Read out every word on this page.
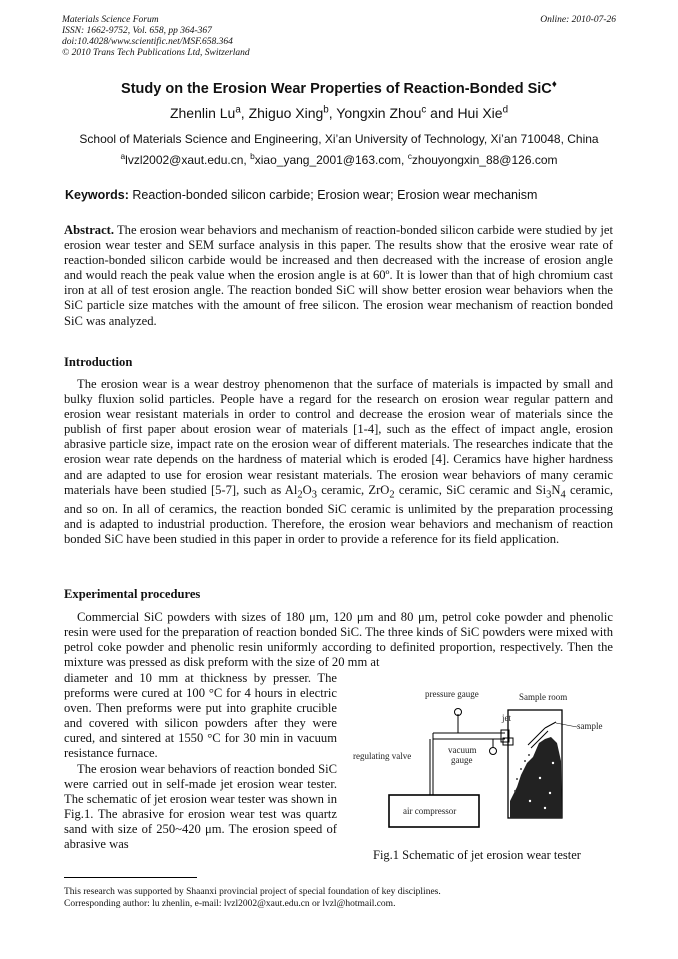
Materials Science Forum
ISSN: 1662-9752, Vol. 658, pp 364-367
doi:10.4028/www.scientific.net/MSF.658.364
© 2010 Trans Tech Publications Ltd, Switzerland
Online: 2010-07-26
Study on the Erosion Wear Properties of Reaction-Bonded SiC♦
Zhenlin Lu$^a$, Zhiguo Xing$^b$, Yongxin Zhou$^c$ and Hui Xie$^d$
School of Materials Science and Engineering, Xi’an University of Technology, Xi’an 710048, China
$^a$lvzl2002@xaut.edu.cn, $^b$xiao_yang_2001@163.com, $^c$zhouyongxin_88@126.com
Keywords: Reaction-bonded silicon carbide; Erosion wear; Erosion wear mechanism
Abstract. The erosion wear behaviors and mechanism of reaction-bonded silicon carbide were studied by jet erosion wear tester and SEM surface analysis in this paper. The results show that the erosive wear rate of reaction-bonded silicon carbide would be increased and then decreased with the increase of erosion angle and would reach the peak value when the erosion angle is at 60º. It is lower than that of high chromium cast iron at all of test erosion angle. The reaction bonded SiC will show better erosion wear behaviors when the SiC particle size matches with the amount of free silicon. The erosion wear mechanism of reaction bonded SiC was analyzed.
Introduction
The erosion wear is a wear destroy phenomenon that the surface of materials is impacted by small and bulky fluxion solid particles. People have a regard for the research on erosion wear regular pattern and erosion wear resistant materials in order to control and decrease the erosion wear of materials since the publish of first paper about erosion wear of materials [1-4], such as the effect of impact angle, erosion abrasive particle size, impact rate on the erosion wear of different materials. The researches indicate that the erosion wear rate depends on the hardness of material which is eroded [4]. Ceramics have higher hardness and are adapted to use for erosion wear resistant materials. The erosion wear behaviors of many ceramic materials have been studied [5-7], such as $Al_2O_3$ ceramic, ZrO$_2$ ceramic, SiC ceramic and $Si_3N_4$ ceramic, and so on. In all of ceramics, the reaction bonded SiC ceramic is unlimited by the preparation processing and is adapted to industrial production. Therefore, the erosion wear behaviors and mechanism of reaction bonded SiC have been studied in this paper in order to provide a reference for its field application.
Experimental procedures
Commercial SiC powders with sizes of 180 μm, 120 μm and 80 μm, petrol coke powder and phenolic resin were used for the preparation of reaction bonded SiC. The three kinds of SiC powders were mixed with petrol coke powder and phenolic resin uniformly according to definited proportion, respectively. Then the mixture was pressed as disk preform with the size of 20 mm at
diameter and 10 mm at thickness by presser. The preforms were cured at 100 °C for 4 hours in electric oven. Then preforms were put into graphite crucible and covered with silicon powders after they were cured, and sintered at 1550 °C for 30 min in vacuum resistance furnace.
The erosion wear behaviors of reaction bonded SiC were carried out in self-made jet erosion wear tester. The schematic of jet erosion wear tester was shown in Fig.1. The abrasive for erosion wear test was quartz sand with size of 250~420 μm. The erosion speed of abrasive was
pressure gauge	Sample room
jet
sample
vacuum
gauge
regulating valve
air compressor
Fig.1 Schematic of jet erosion wear tester
This research was supported by Shaanxi provincial project of special foundation of key disciplines.
Corresponding author: lu zhenlin, e-mail: lvzl2002@xaut.edu.cn or lvzl@hotmail.com.
